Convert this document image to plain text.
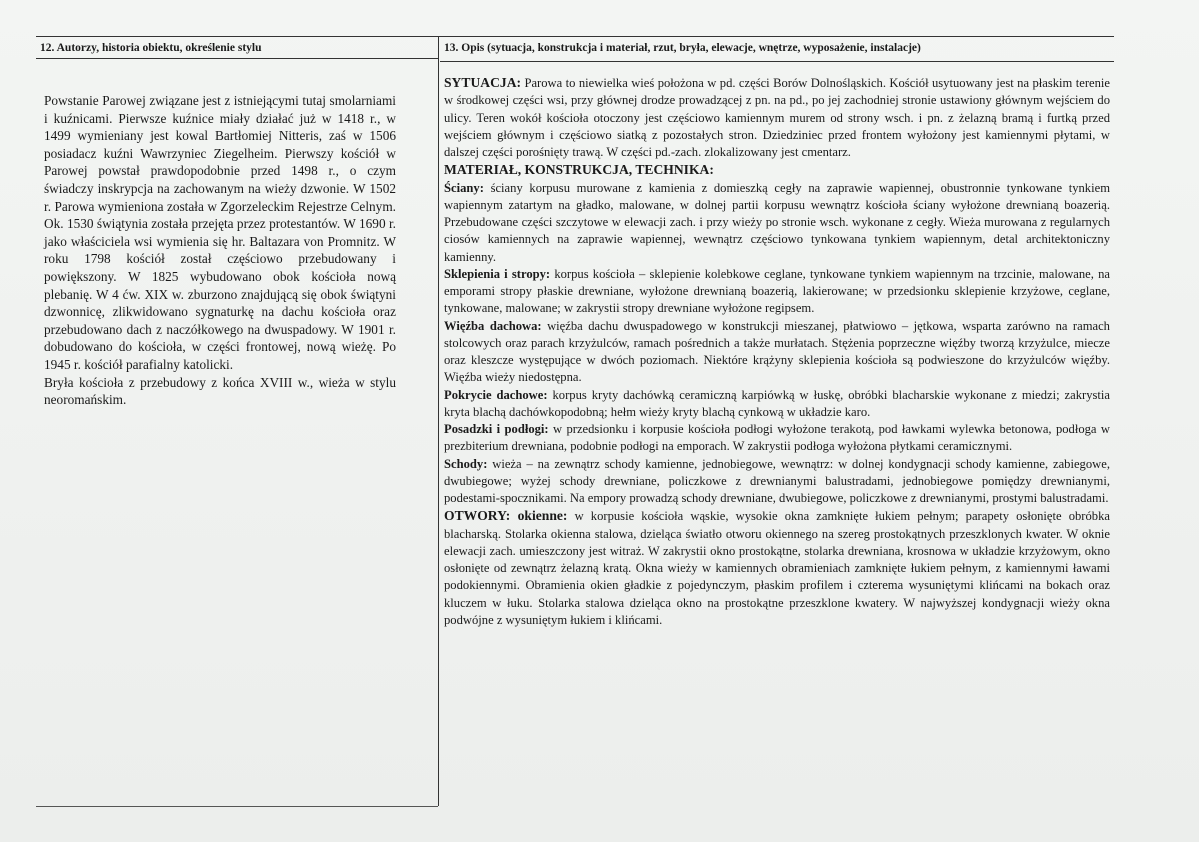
12. Autorzy, historia obiektu, określenie stylu	13. Opis (sytuacja, konstrukcja i materiał, rzut, bryła, elewacje, wnętrze, wyposażenie, instalacje)

Powstanie Parowej związane jest z istniejącymi tutaj smolarniami i kuźnicami. Pierwsze kuźnice miały działać już w 1418 r., w 1499 wymieniany jest kowal Bartłomiej Nitteris, zaś w 1506 posiadacz kuźni Wawrzyniec Ziegelheim. Pierwszy kościół w Parowej powstał prawdopodobnie przed 1498 r., o czym świadczy inskrypcja na zachowanym na wieży dzwonie. W 1502 r. Parowa wymieniona została w Zgorzeleckim Rejestrze Celnym. Ok. 1530 świątynia została przejęta przez protestantów. W 1690 r. jako właściciela wsi wymienia się hr. Baltazara von Promnitz. W roku 1798 kościół został częściowo przebudowany i powiększony. W 1825 wybudowano obok kościoła nową plebanię. W 4 ćw. XIX w. zburzono znajdującą się obok świątyni dzwonnicę, zlikwidowano sygnaturkę na dachu kościoła oraz przebudowano dach z naczółkowego na dwuspadowy. W 1901 r. dobudowano do kościoła, w części frontowej, nową wieżę. Po 1945 r. kościół parafialny katolicki.

Bryła kościoła z przebudowy z końca XVIII w., wieża w stylu neoromańskim.

SYTUACJA: Parowa to niewielka wieś położona w pd. części Borów Dolnośląskich. Kościół usytuowany jest na płaskim terenie w środkowej części wsi, przy głównej drodze prowadzącej z pn. na pd., po jej zachodniej stronie ustawiony głównym wejściem do ulicy. Teren wokół kościoła otoczony jest częściowo kamiennym murem od strony wsch. i pn. z żelazną bramą i furtką przed wejściem głównym i częściowo siatką z pozostałych stron. Dziedziniec przed frontem wyłożony jest kamiennymi płytami, w dalszej części porośnięty trawą. W części pd.-zach. zlokalizowany jest cmentarz.

MATERIAŁ, KONSTRUKCJA, TECHNIKA:

Ściany: ściany korpusu murowane z kamienia z domieszką cegły na zaprawie wapiennej, obustronnie tynkowane tynkiem wapiennym zatartym na gładko, malowane, w dolnej partii korpusu wewnątrz kościoła ściany wyłożone drewnianą boazerią. Przebudowane części szczytowe w elewacji zach. i przy wieży po stronie wsch. wykonane z cegły. Wieża murowana z regularnych ciosów kamiennych na zaprawie wapiennej, wewnątrz częściowo tynkowana tynkiem wapiennym, detal architektoniczny kamienny.

Sklepienia i stropy: korpus kościoła – sklepienie kolebkowe ceglane, tynkowane tynkiem wapiennym na trzcinie, malowane, na emporami stropy płaskie drewniane, wyłożone drewnianą boazerią, lakierowane; w przedsionku sklepienie krzyżowe, ceglane, tynkowane, malowane; w zakrystii stropy drewniane wyłożone regipsem.

Więźba dachowa: więźba dachu dwuspadowego w konstrukcji mieszanej, płatwiowo – jętkowa, wsparta zarówno na ramach stolcowych oraz parach krzyżulców, ramach pośrednich a także murłatach. Stężenia poprzeczne więźby tworzą krzyżulce, miecze oraz kleszcze występujące w dwóch poziomach. Niektóre krążyny sklepienia kościoła są podwieszone do krzyżulców więźby. Więźba wieży niedostępna.

Pokrycie dachowe: korpus kryty dachówką ceramiczną karpiówką w łuskę, obróbki blacharskie wykonane z miedzi; zakrystia kryta blachą dachówkopodobną; hełm wieży kryty blachą cynkową w układzie karo.

Posadzki i podłogi: w przedsionku i korpusie kościoła podłogi wyłożone terakotą, pod ławkami wylewka betonowa, podłoga w prezbiterium drewniana, podobnie podłogi na emporach. W zakrystii podłoga wyłożona płytkami ceramicznymi.

Schody: wieża – na zewnątrz schody kamienne, jednobiegowe, wewnątrz: w dolnej kondygnacji schody kamienne, zabiegowe, dwubiegowe; wyżej schody drewniane, policzkowe z drewnianymi balustradami, jednobiegowe pomiędzy drewnianymi, podestami-spocznikami. Na empory prowadzą schody drewniane, dwubiegowe, policzkowe z drewnianymi, prostymi balustradami.

OTWORY: okienne: w korpusie kościoła wąskie, wysokie okna zamknięte łukiem pełnym; parapety osłonięte obróbka blacharską. Stolarka okienna stalowa, dzieląca światło otworu okiennego na szereg prostokątnych przeszklonych kwater. W oknie elewacji zach. umieszczony jest witraż. W zakrystii okno prostokątne, stolarka drewniana, krosnowa w układzie krzyżowym, okno osłonięte od zewnątrz żelazną kratą. Okna wieży w kamiennych obramieniach zamknięte łukiem pełnym, z kamiennymi ławami podokiennymi. Obramienia okien gładkie z pojedynczym, płaskim profilem i czterema wysuniętymi klińcami na bokach oraz kluczem w łuku. Stolarka stalowa dzieląca okno na prostokątne przeszklone kwatery. W najwyższej kondygnacji wieży okna podwójne z wysuniętym łukiem i klińcami.
